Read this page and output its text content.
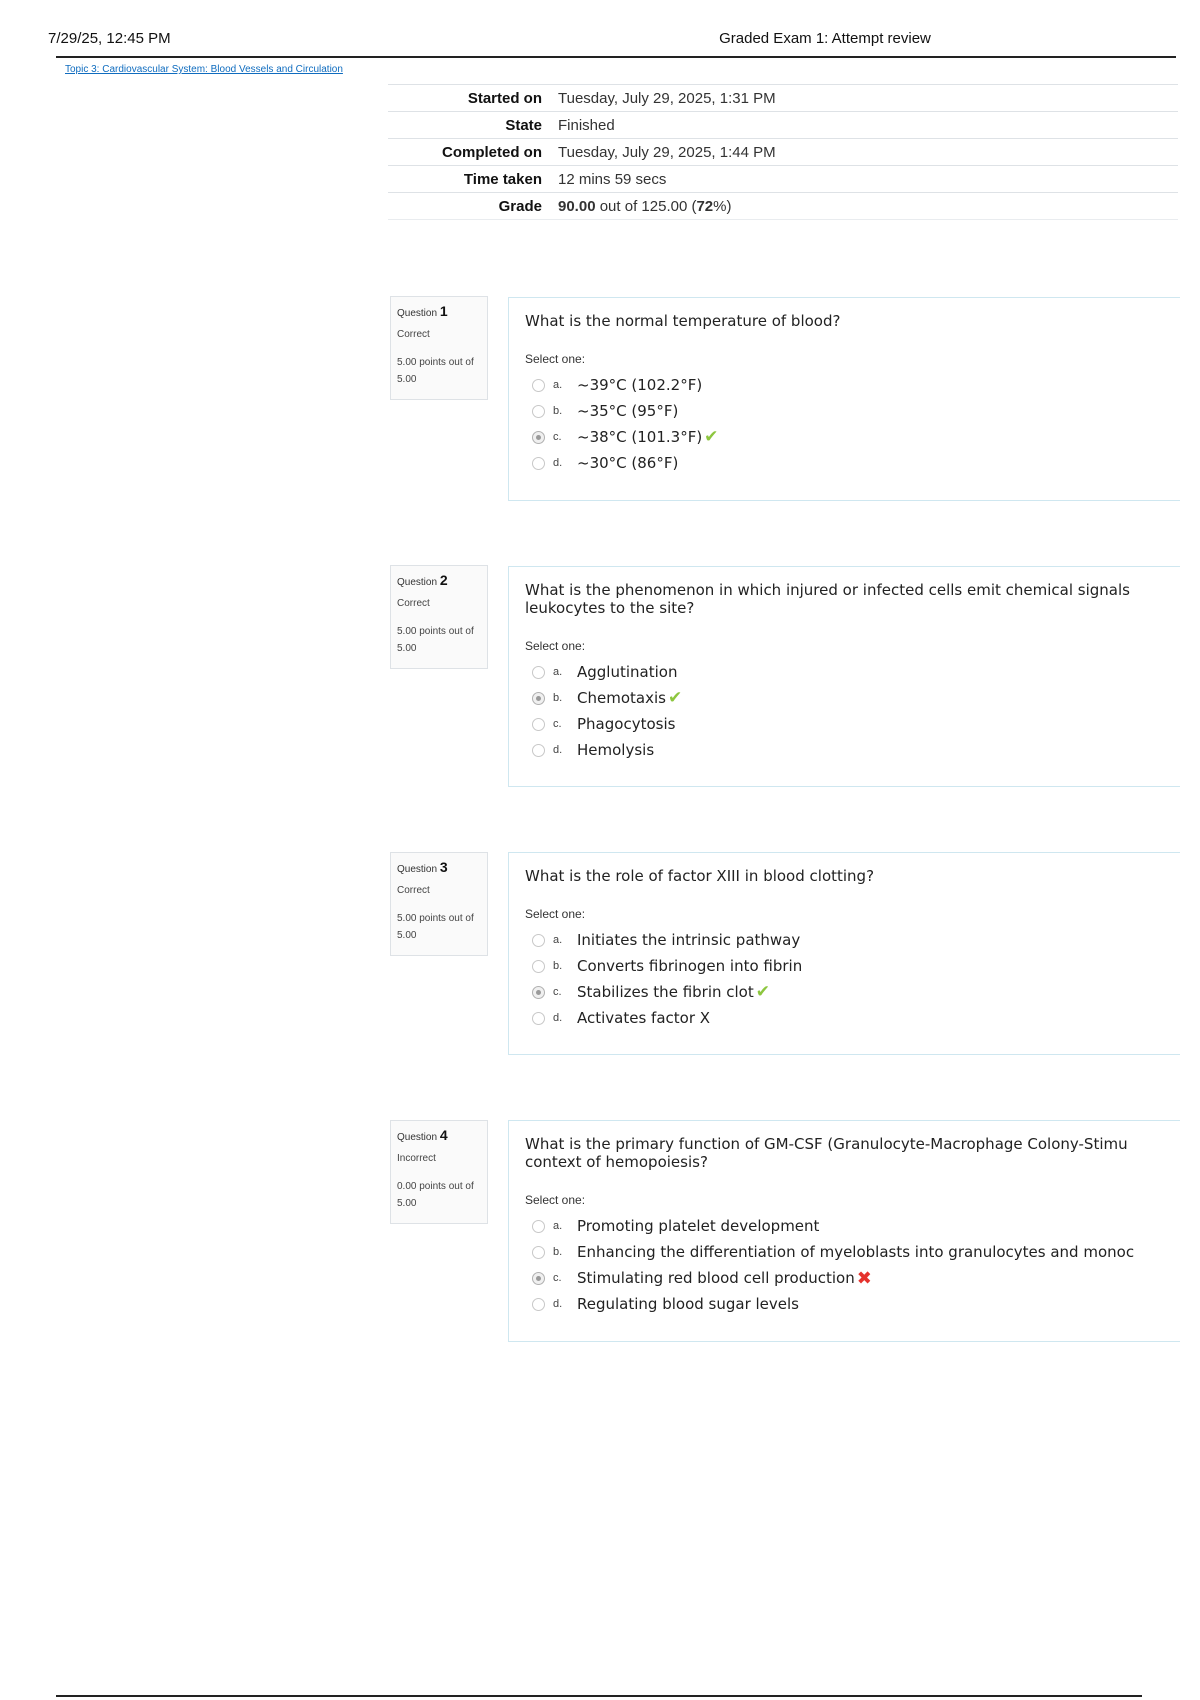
7/29/25, 12:45 PM	Graded Exam 1: Attempt review
Topic 3: Cardiovascular System: Blood Vessels and Circulation
Started on	Tuesday, July 29, 2025, 1:31 PM
State	Finished
Completed on	Tuesday, July 29, 2025, 1:44 PM
Time taken	12 mins 59 secs
Grade	90.00 out of 125.00 (72%)
Question 1
Correct
5.00 points out of 5.00
What is the normal temperature of blood?
Select one:
a. ~39°C (102.2°F)
b. ~35°C (95°F)
c.	~38°C (101.3°F) ✔
d. ~30°C (86°F)
Question 2
Correct
5.00 points out of 5.00
What is the phenomenon in which injured or infected cells emit chemical signals
leukocytes to the site?
Select one:
a. Agglutination
b. Chemotaxis ✔
c.	Phagocytosis
d. Hemolysis
Question 3
Correct
5.00 points out of 5.00
What is the role of factor XIII in blood clotting?
Select one:
a. Initiates the intrinsic pathway
b. Converts fibrinogen into fibrin
c.	Stabilizes the fibrin clot ✔
d. Activates factor X
Question 4
Incorrect
0.00 points out of 5.00
What is the primary function of GM-CSF (Granulocyte-Macrophage Colony-Stimu
context of hemopoiesis?
Select one:
a. Promoting platelet development
b. Enhancing the differentiation of myeloblasts into granulocytes and monoc
c.	Stimulating red blood cell production ✖
d. Regulating blood sugar levels
